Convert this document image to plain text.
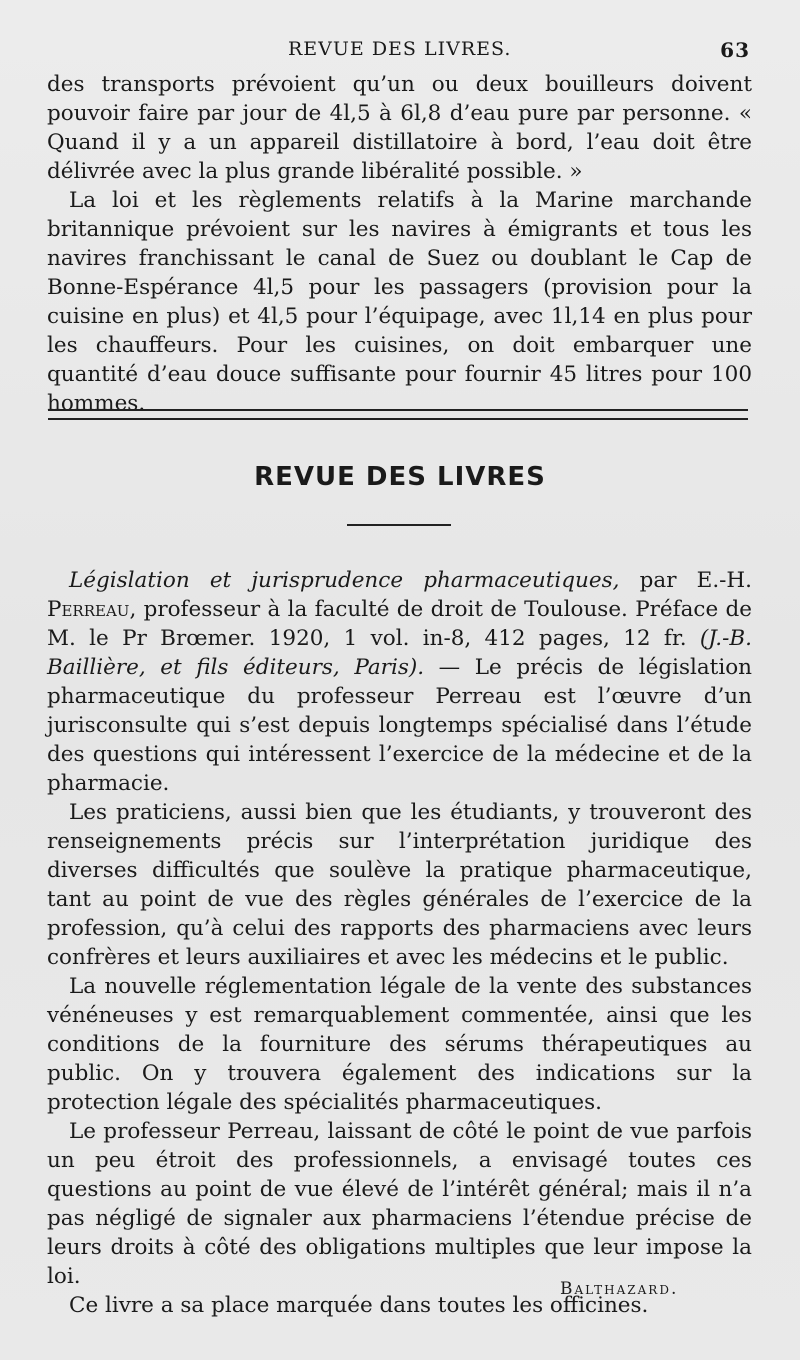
REVUE DES LIVRES.	63

des transports prévoient qu’un ou deux bouilleurs doivent pouvoir faire par jour de 4l,5 à 6l,8 d’eau pure par personne. « Quand il y a un appareil distillatoire à bord, l’eau doit être délivrée avec la plus grande libéralité possible. »

La loi et les règlements relatifs à la Marine marchande britannique prévoient sur les navires à émigrants et tous les navires franchissant le canal de Suez ou doublant le Cap de Bonne-Espérance 4l,5 pour les passagers (provision pour la cuisine en plus) et 4l,5 pour l’équipage, avec 1l,14 en plus pour les chauffeurs. Pour les cuisines, on doit embarquer une quantité d’eau douce suffisante pour fournir 45 litres pour 100 hommes.

REVUE DES LIVRES

Législation et jurisprudence pharmaceutiques, par E.-H. Perreau, professeur à la faculté de droit de Toulouse. Préface de M. le Pr Brœmer. 1920, 1 vol. in-8, 412 pages, 12 fr. (J.-B. Baillière, et fils éditeurs, Paris). — Le précis de législation pharmaceutique du professeur Perreau est l’œuvre d’un jurisconsulte qui s’est depuis longtemps spécialisé dans l’étude des questions qui intéressent l’exercice de la médecine et de la pharmacie.

Les praticiens, aussi bien que les étudiants, y trouveront des renseignements précis sur l’interprétation juridique des diverses difficultés que soulève la pratique pharmaceutique, tant au point de vue des règles générales de l’exercice de la profession, qu’à celui des rapports des pharmaciens avec leurs confrères et leurs auxiliaires et avec les médecins et le public.

La nouvelle réglementation légale de la vente des substances vénéneuses y est remarquablement commentée, ainsi que les conditions de la fourniture des sérums thérapeutiques au public. On y trouvera également des indications sur la protection légale des spécialités pharmaceutiques.

Le professeur Perreau, laissant de côté le point de vue parfois un peu étroit des professionnels, a envisagé toutes ces questions au point de vue élevé de l’intérêt général; mais il n’a pas négligé de signaler aux pharmaciens l’étendue précise de leurs droits à côté des obligations multiples que leur impose la loi.

Ce livre a sa place marquée dans toutes les officines.

Balthazard.
